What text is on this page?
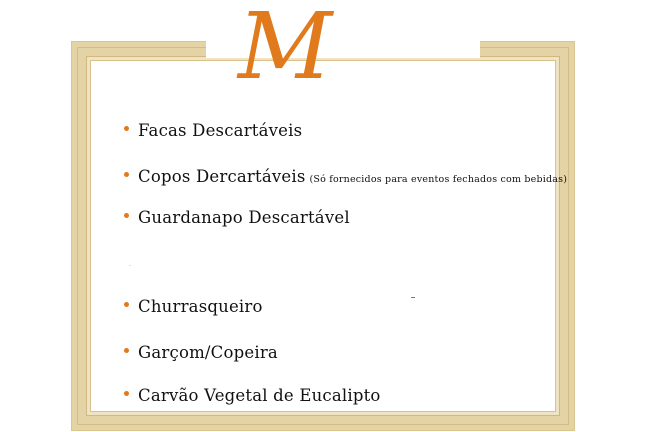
M
Facas Descartáveis
Copos Dercartáveis (Só fornecidos para eventos fechados com bebidas)
Guardanapo Descartável
Churrasqueiro
Garçom/Copeira
Carvão Vegetal de Eucalipto
